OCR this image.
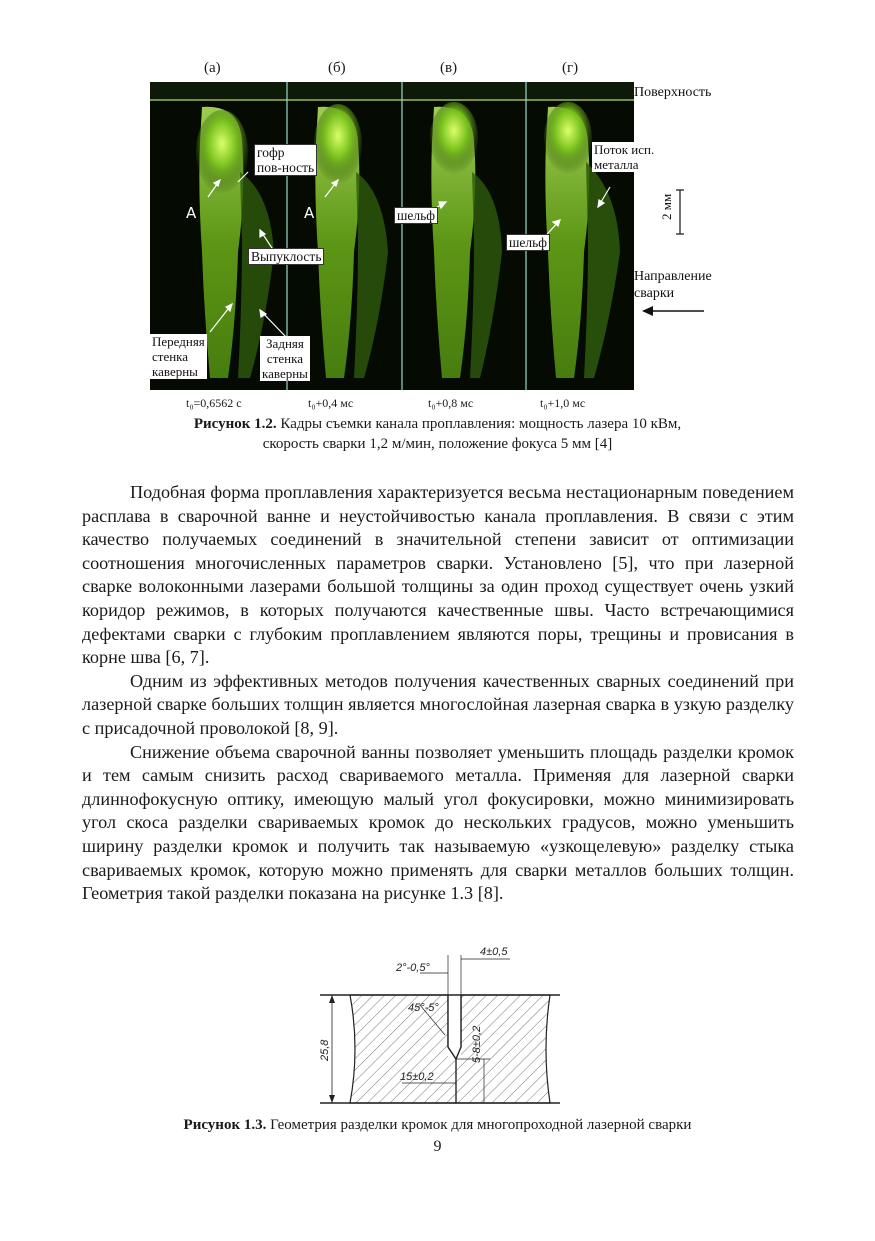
(а)	(б)	(в)	(г)
A	A
гофр
пов-ность
Выпуклость
Передняя
стенка
каверны
Задняя
стенка
каверны
шельф
шельф
Поток исп.
металла
Поверхность
2 мм
Направление
сварки
t₀=0,6562 с	t₀+0,4 мс	t₀+0,8 мс	t₀+1,0 мс
Рисунок 1.2. Кадры съемки канала проплавления: мощность лазера 10 кВм,
скорость сварки 1,2 м/мин, положение фокуса 5 мм [4]

Подобная форма проплавления характеризуется весьма нестационарным поведением расплава в сварочной ванне и неустойчивостью канала проплавления. В связи с этим качество получаемых соединений в значительной степени зависит от оптимизации соотношения многочисленных параметров сварки. Установлено [5], что при лазерной сварке волоконными лазерами большой толщины за один проход существует очень узкий коридор режимов, в которых получаются качественные швы. Часто встречающимися дефектами сварки с глубоким проплавлением являются поры, трещины и провисания в корне шва [6, 7].

Одним из эффективных методов получения качественных сварных соединений при лазерной сварке больших толщин является многослойная лазерная сварка в узкую разделку с присадочной проволокой [8, 9].

Снижение объема сварочной ванны позволяет уменьшить площадь разделки кромок и тем самым снизить расход свариваемого металла. Применяя для лазерной сварки длиннофокусную оптику, имеющую малый угол фокусировки, можно минимизировать угол скоса разделки свариваемых кромок до нескольких градусов, можно уменьшить ширину разделки кромок и получить так называемую «узкощелевую» разделку стыка свариваемых кромок, которую можно применять для сварки металлов больших толщин. Геометрия такой разделки показана на рисунке 1.3 [8].

4±0,5
2°-0,5°
45°-5°
15±0,2
25,8	5-8±0,2
Рисунок 1.3. Геометрия разделки кромок для многопроходной лазерной сварки
9
